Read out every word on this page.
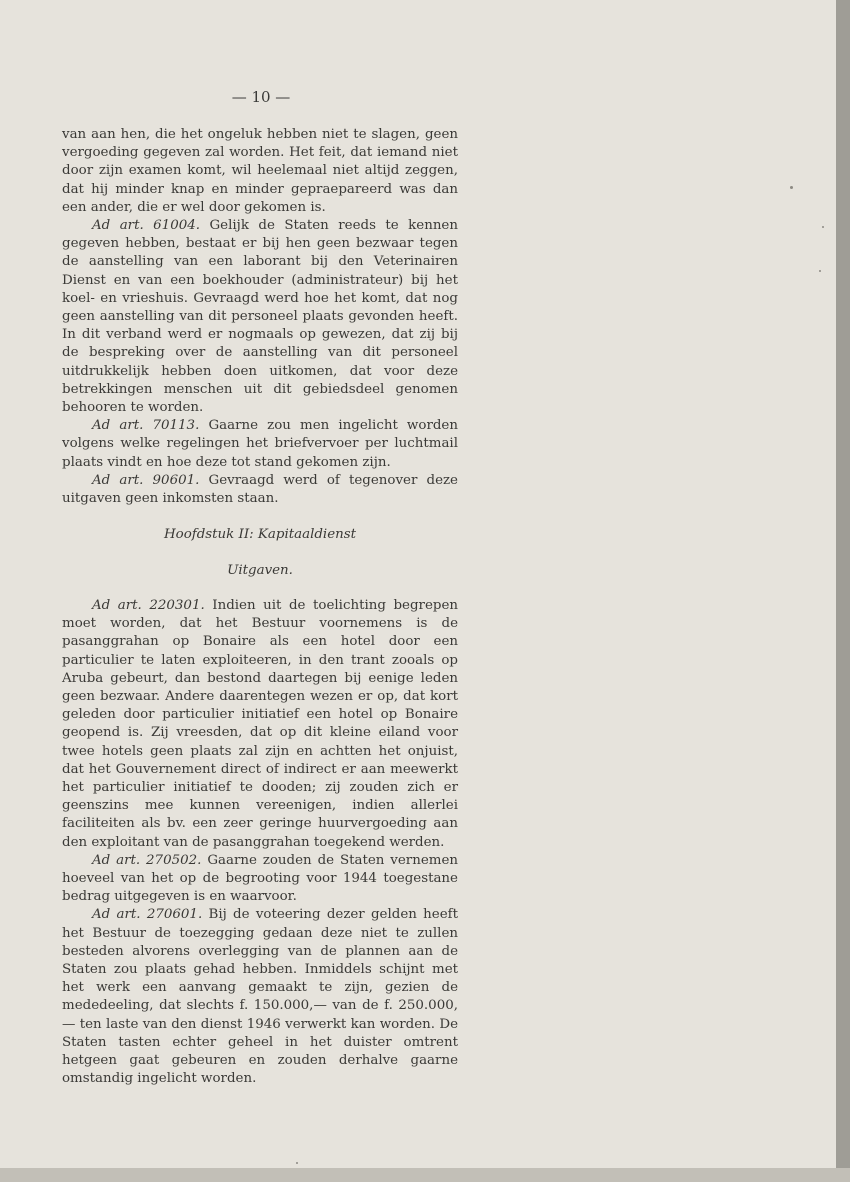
— 10 —

van aan hen, die het ongeluk hebben niet te slagen, geen vergoeding gegeven zal worden. Het feit, dat iemand niet door zijn examen komt, wil heelemaal niet altijd zeggen, dat hij minder knap en minder gepraepareerd was dan een ander, die er wel door gekomen is.

Ad art. 61004. Gelijk de Staten reeds te kennen gegeven hebben, bestaat er bij hen geen bezwaar tegen de aanstelling van een laborant bij den Veterinairen Dienst en van een boekhouder (administrateur) bij het koel- en vrieshuis. Gevraagd werd hoe het komt, dat nog geen aanstelling van dit personeel plaats gevonden heeft. In dit verband werd er nogmaals op gewezen, dat zij bij de bespreking over de aanstelling van dit personeel uitdrukkelijk hebben doen uitkomen, dat voor deze betrekkingen menschen uit dit gebiedsdeel genomen behooren te worden.

Ad art. 70113. Gaarne zou men ingelicht worden volgens welke regelingen het briefvervoer per luchtmail plaats vindt en hoe deze tot stand gekomen zijn.

Ad art. 90601. Gevraagd werd of tegenover deze uitgaven geen inkomsten staan.

Hoofdstuk II: Kapitaaldienst
Uitgaven.

Ad art. 220301. Indien uit de toelichting begrepen moet worden, dat het Bestuur voornemens is de pasanggrahan op Bonaire als een hotel door een particulier te laten exploiteeren, in den trant zooals op Aruba gebeurt, dan bestond daartegen bij eenige leden geen bezwaar. Andere daarentegen wezen er op, dat kort geleden door particulier initiatief een hotel op Bonaire geopend is. Zij vreesden, dat op dit kleine eiland voor twee hotels geen plaats zal zijn en achtten het onjuist, dat het Gouvernement direct of indirect er aan meewerkt het particulier initiatief te dooden; zij zouden zich er geenszins mee kunnen vereenigen, indien allerlei faciliteiten als bv. een zeer geringe huurvergoeding aan den exploitant van de pasanggrahan toegekend werden.

Ad art. 270502. Gaarne zouden de Staten vernemen hoeveel van het op de begrooting voor 1944 toegestane bedrag uitgegeven is en waarvoor.

Ad art. 270601. Bij de voteering dezer gelden heeft het Bestuur de toezegging gedaan deze niet te zullen besteden alvorens overlegging van de plannen aan de Staten zou plaats gehad hebben. Inmiddels schijnt met het werk een aanvang gemaakt te zijn, gezien de mededeeling, dat slechts f. 150.000,— van de f. 250.000,— ten laste van den dienst 1946 verwerkt kan worden. De Staten tasten echter geheel in het duister omtrent hetgeen gaat gebeuren en zouden derhalve gaarne omstandig ingelicht worden.
